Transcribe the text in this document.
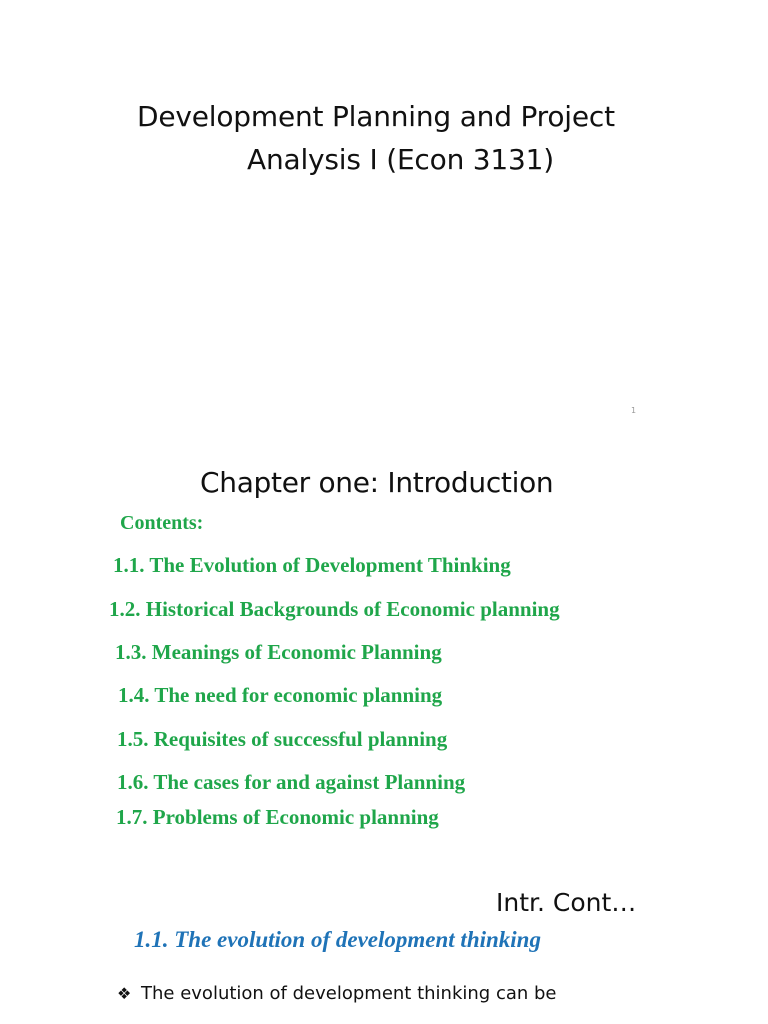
Development Planning and Project
Analysis I (Econ 3131)
1
Chapter one: Introduction
Contents:
1.1. The Evolution of Development Thinking
1.2. Historical Backgrounds of Economic planning
1.3. Meanings of Economic Planning
1.4. The need for economic planning
1.5. Requisites of successful planning
1.6. The cases for and against Planning
1.7. Problems of Economic planning
Intr. Cont…
1.1. The evolution of development thinking
❖ The evolution of development thinking can be
